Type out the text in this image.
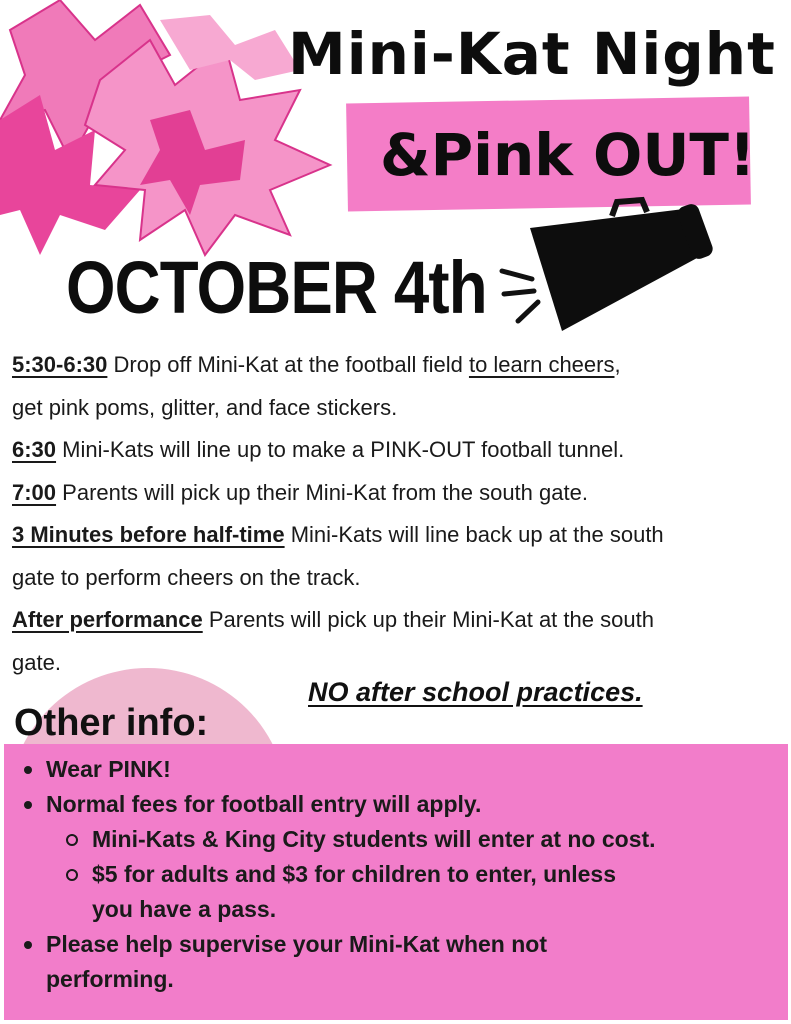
Mini-Kat Night
&Pink OUT!
OCTOBER 4th

5:30-6:30 Drop off Mini-Kat at the football field to learn cheers,

get pink poms, glitter, and face stickers.

6:30 Mini-Kats will line up to make a PINK-OUT football tunnel.

7:00 Parents will pick up their Mini-Kat from the south gate.

3 Minutes before half-time Mini-Kats will line back up at the south

gate to perform cheers on the track.

After performance Parents will pick up their Mini-Kat at the south

gate.

NO after school practices.
Other info:
Wear PINK!
Normal fees for football entry will apply.
Mini-Kats & King City students will enter at no cost.
$5 for adults and $3 for children to enter, unless
you have a pass.
Please help supervise your Mini-Kat when not
performing.
